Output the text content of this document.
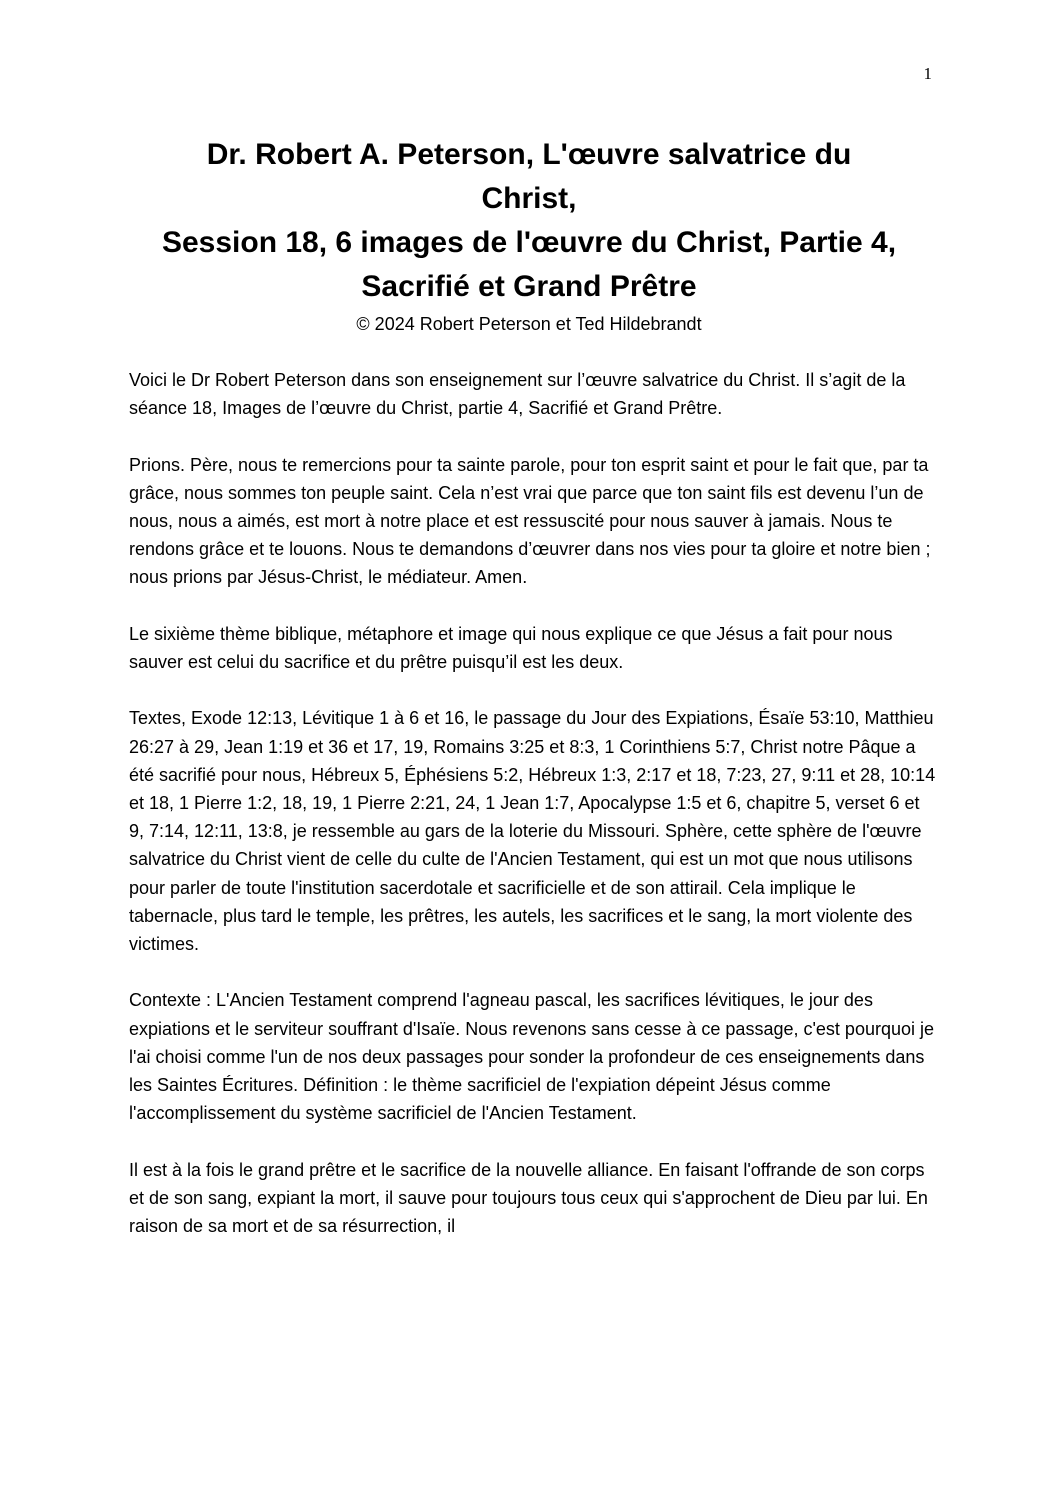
1

Dr. Robert A. Peterson, L'œuvre salvatrice du

Christ,

Session 18, 6 images de l'œuvre du Christ, Partie 4,

Sacrifié et Grand Prêtre

© 2024 Robert Peterson et Ted Hildebrandt

Voici le Dr Robert Peterson dans son enseignement sur l’œuvre salvatrice du Christ. Il s’agit de la séance 18, Images de l’œuvre du Christ, partie 4, Sacrifié et Grand Prêtre.

Prions. Père, nous te remercions pour ta sainte parole, pour ton esprit saint et pour le fait que, par ta grâce, nous sommes ton peuple saint. Cela n’est vrai que parce que ton saint fils est devenu l’un de nous, nous a aimés, est mort à notre place et est ressuscité pour nous sauver à jamais. Nous te rendons grâce et te louons. Nous te demandons d’œuvrer dans nos vies pour ta gloire et notre bien ; nous prions par Jésus-Christ, le médiateur. Amen.

Le sixième thème biblique, métaphore et image qui nous explique ce que Jésus a fait pour nous sauver est celui du sacrifice et du prêtre puisqu’il est les deux.

Textes, Exode 12:13, Lévitique 1 à 6 et 16, le passage du Jour des Expiations, Ésaïe 53:10, Matthieu 26:27 à 29, Jean 1:19 et 36 et 17, 19, Romains 3:25 et 8:3, 1 Corinthiens 5:7, Christ notre Pâque a été sacrifié pour nous, Hébreux 5, Éphésiens 5:2, Hébreux 1:3, 2:17 et 18, 7:23, 27, 9:11 et 28, 10:14 et 18, 1 Pierre 1:2, 18, 19, 1 Pierre 2:21, 24, 1 Jean 1:7, Apocalypse 1:5 et 6, chapitre 5, verset 6 et 9, 7:14, 12:11, 13:8, je ressemble au gars de la loterie du Missouri. Sphère, cette sphère de l'œuvre salvatrice du Christ vient de celle du culte de l'Ancien Testament, qui est un mot que nous utilisons pour parler de toute l'institution sacerdotale et sacrificielle et de son attirail. Cela implique le tabernacle, plus tard le temple, les prêtres, les autels, les sacrifices et le sang, la mort violente des victimes.

Contexte : L'Ancien Testament comprend l'agneau pascal, les sacrifices lévitiques, le jour des expiations et le serviteur souffrant d'Isaïe. Nous revenons sans cesse à ce passage, c'est pourquoi je l'ai choisi comme l'un de nos deux passages pour sonder la profondeur de ces enseignements dans les Saintes Écritures. Définition : le thème sacrificiel de l'expiation dépeint Jésus comme l'accomplissement du système sacrificiel de l'Ancien Testament.

Il est à la fois le grand prêtre et le sacrifice de la nouvelle alliance. En faisant l'offrande de son corps et de son sang, expiant la mort, il sauve pour toujours tous ceux qui s'approchent de Dieu par lui. En raison de sa mort et de sa résurrection, il
